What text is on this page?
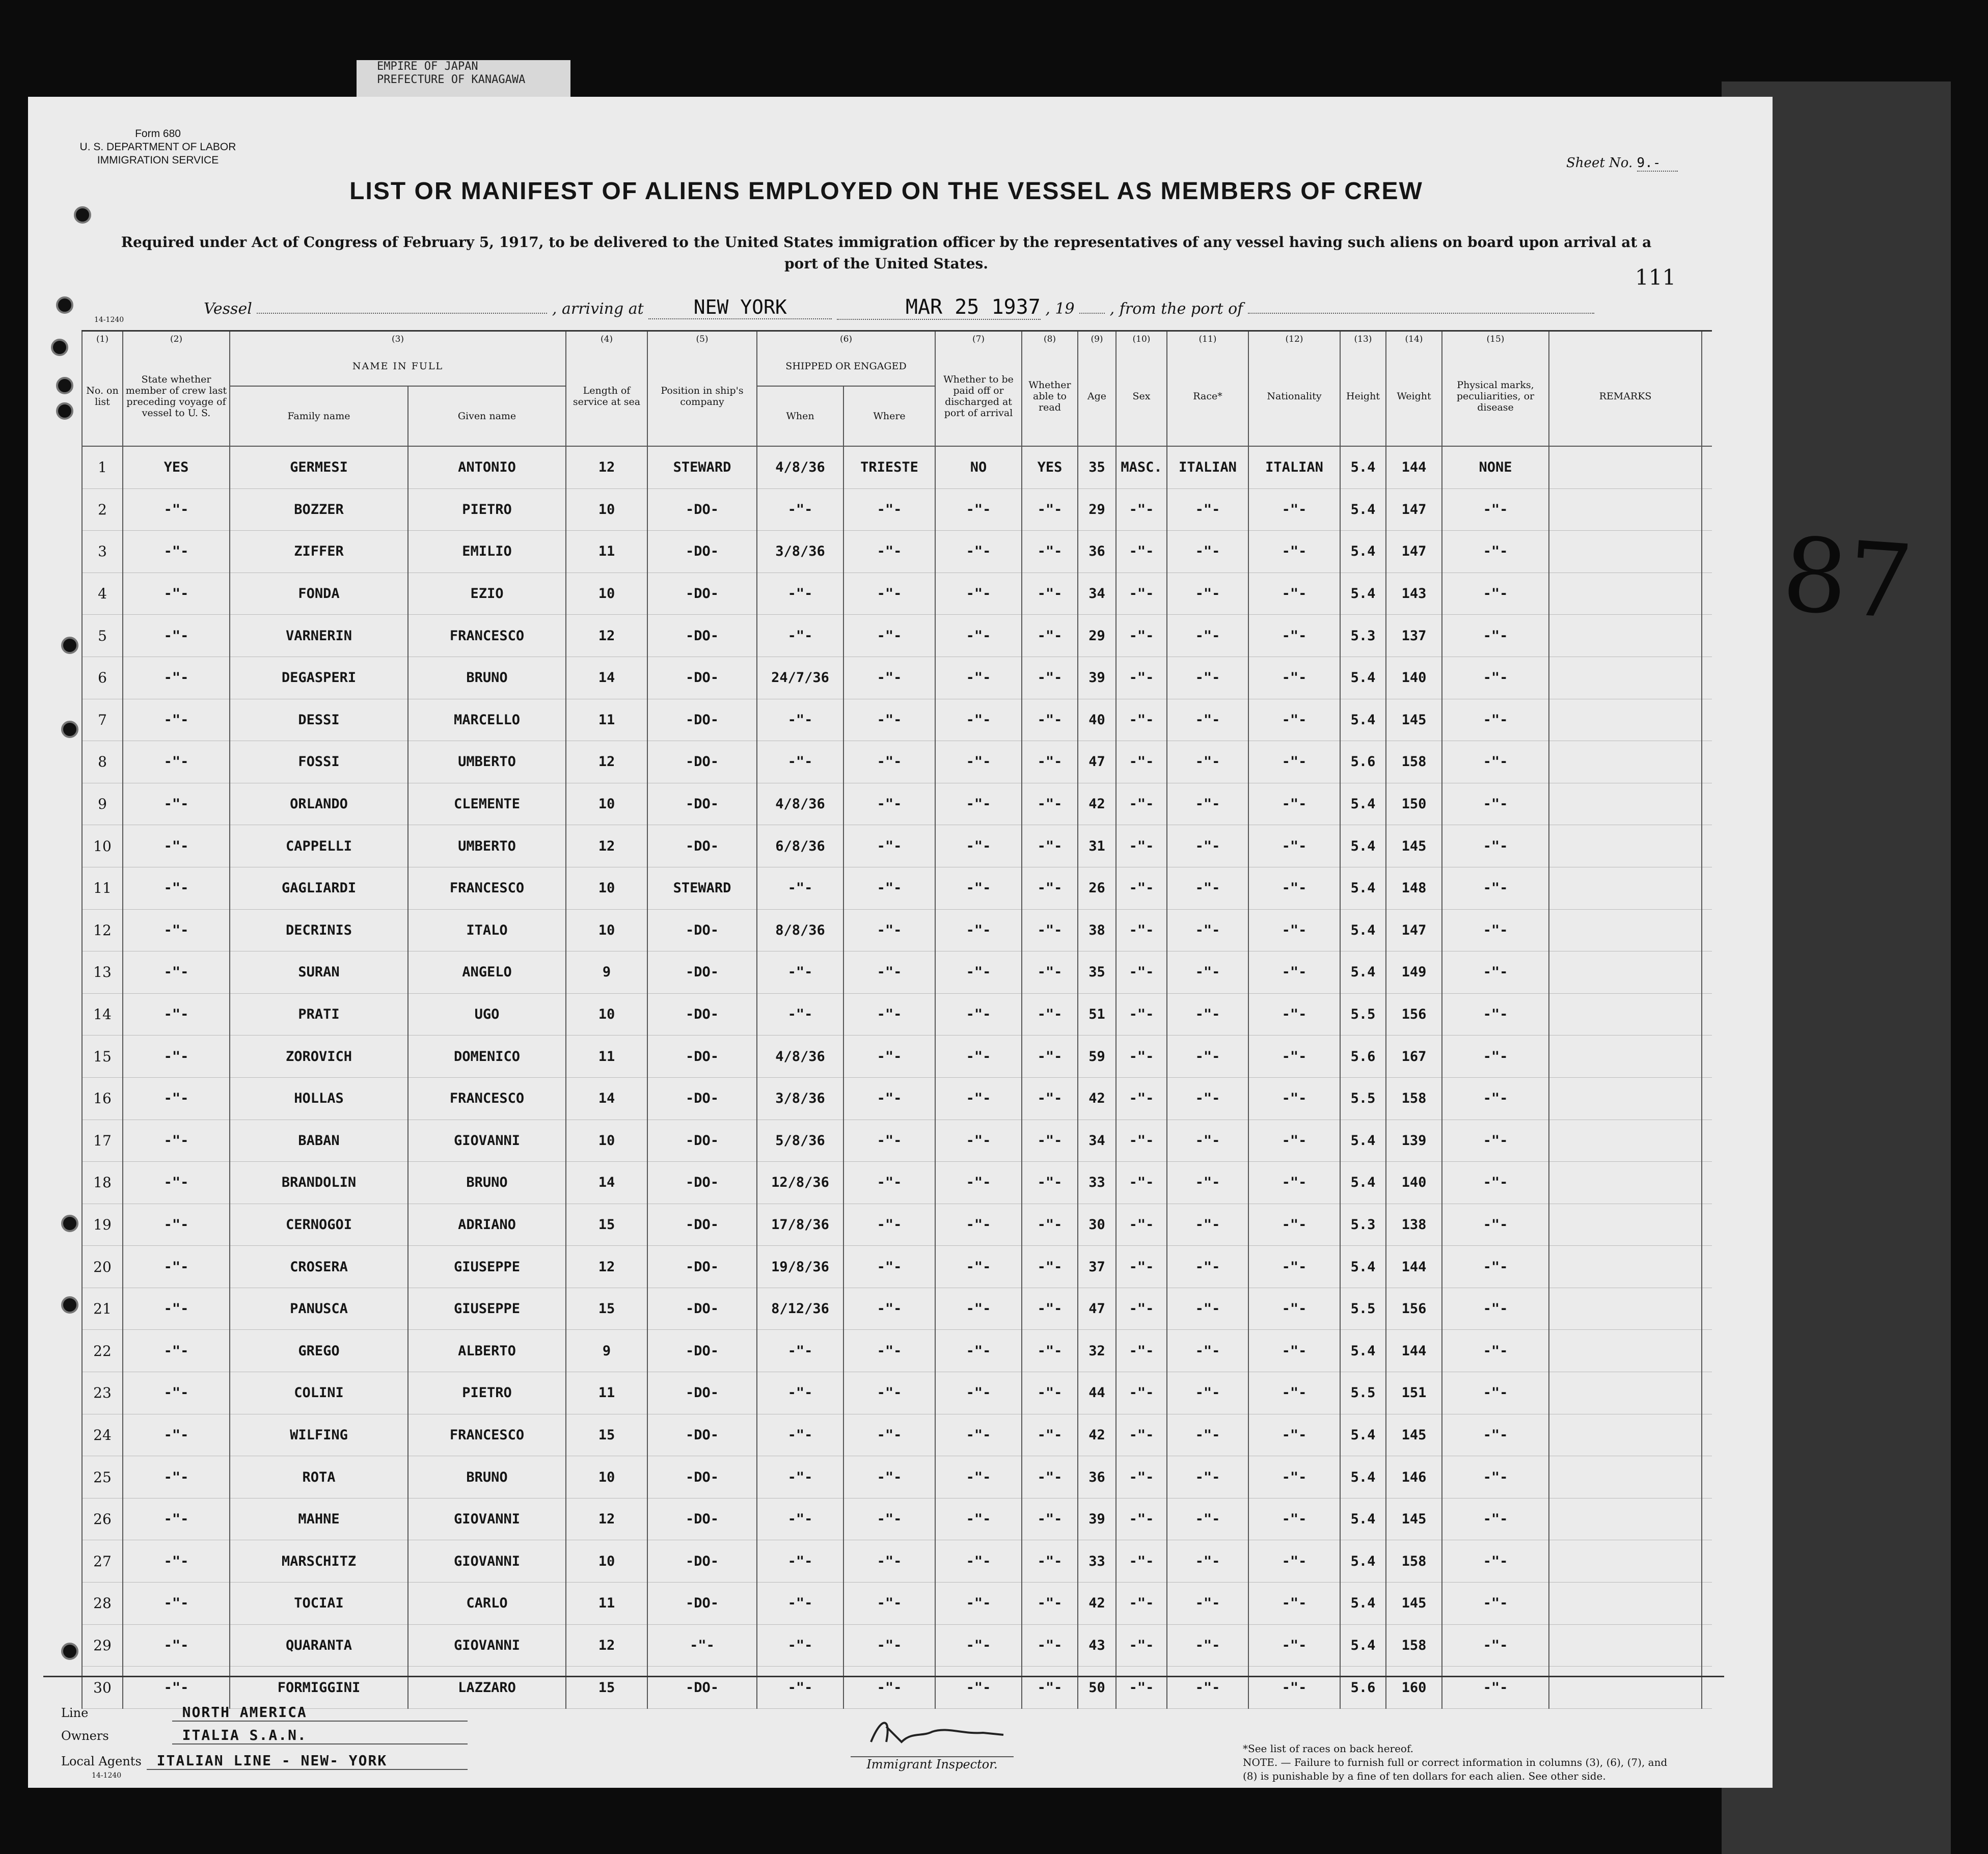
EMPIRE OF JAPAN
PREFECTURE OF KANAGAWA
Form 680
U. S. DEPARTMENT OF LABOR
IMMIGRATION SERVICE	Sheet No. 9.-
LIST OR MANIFEST OF ALIENS EMPLOYED ON THE VESSEL AS MEMBERS OF CREW
Required under Act of Congress of February 5, 1917, to be delivered to the United States immigration officer by the representatives of any vessel having such aliens on board upon arrival at a port of the United States.
111
Vessel	, arriving at	NEW YORK	MAR 25 1937 , 19 , from the port of
14-1240
(1)	(2)	(3)		(4)	(5)	(6)		(7)	(8)	(9)	(10)	(11)	(12)	(13)	(14)	(15)		
No. on list	State whether member of crew last preceding voyage of vessel to U. S.	NAME IN FULL		Length of service at sea	Position in ship's company	SHIPPED OR ENGAGED		Whether to be paid off or discharged at port of arrival	Whether able to read	Age	Sex	Race*	Nationality	Height	Weight	Physical marks, peculiarities, or disease	REMARKS	
		Family name	Given name			When	Where											
1	YES	GERMESI	ANTONIO	12	STEWARD	4/8/36	TRIESTE	NO	YES	35	MASC.	ITALIAN	ITALIAN	5.4	144	NONE		
2	-"-	BOZZER	PIETRO	10	-DO-	-"-	-"-	-"-	-"-	29	-"-	-"-	-"-	5.4	147	-"-		
3	-"-	ZIFFER	EMILIO	11	-DO-	3/8/36	-"-	-"-	-"-	36	-"-	-"-	-"-	5.4	147	-"-		
4	-"-	FONDA	EZIO	10	-DO-	-"-	-"-	-"-	-"-	34	-"-	-"-	-"-	5.4	143	-"-		
5	-"-	VARNERIN	FRANCESCO	12	-DO-	-"-	-"-	-"-	-"-	29	-"-	-"-	-"-	5.3	137	-"-		
6	-"-	DEGASPERI	BRUNO	14	-DO-	24/7/36	-"-	-"-	-"-	39	-"-	-"-	-"-	5.4	140	-"-		
7	-"-	DESSI	MARCELLO	11	-DO-	-"-	-"-	-"-	-"-	40	-"-	-"-	-"-	5.4	145	-"-		
8	-"-	FOSSI	UMBERTO	12	-DO-	-"-	-"-	-"-	-"-	47	-"-	-"-	-"-	5.6	158	-"-		
9	-"-	ORLANDO	CLEMENTE	10	-DO-	4/8/36	-"-	-"-	-"-	42	-"-	-"-	-"-	5.4	150	-"-		
10	-"-	CAPPELLI	UMBERTO	12	-DO-	6/8/36	-"-	-"-	-"-	31	-"-	-"-	-"-	5.4	145	-"-		
11	-"-	GAGLIARDI	FRANCESCO	10	STEWARD	-"-	-"-	-"-	-"-	26	-"-	-"-	-"-	5.4	148	-"-		
12	-"-	DECRINIS	ITALO	10	-DO-	8/8/36	-"-	-"-	-"-	38	-"-	-"-	-"-	5.4	147	-"-		
13	-"-	SURAN	ANGELO	9	-DO-	-"-	-"-	-"-	-"-	35	-"-	-"-	-"-	5.4	149	-"-		
14	-"-	PRATI	UGO	10	-DO-	-"-	-"-	-"-	-"-	51	-"-	-"-	-"-	5.5	156	-"-		
15	-"-	ZOROVICH	DOMENICO	11	-DO-	4/8/36	-"-	-"-	-"-	59	-"-	-"-	-"-	5.6	167	-"-		
16	-"-	HOLLAS	FRANCESCO	14	-DO-	3/8/36	-"-	-"-	-"-	42	-"-	-"-	-"-	5.5	158	-"-		
17	-"-	BABAN	GIOVANNI	10	-DO-	5/8/36	-"-	-"-	-"-	34	-"-	-"-	-"-	5.4	139	-"-		
18	-"-	BRANDOLIN	BRUNO	14	-DO-	12/8/36	-"-	-"-	-"-	33	-"-	-"-	-"-	5.4	140	-"-		
19	-"-	CERNOGOI	ADRIANO	15	-DO-	17/8/36	-"-	-"-	-"-	30	-"-	-"-	-"-	5.3	138	-"-		
20	-"-	CROSERA	GIUSEPPE	12	-DO-	19/8/36	-"-	-"-	-"-	37	-"-	-"-	-"-	5.4	144	-"-		
21	-"-	PANUSCA	GIUSEPPE	15	-DO-	8/12/36	-"-	-"-	-"-	47	-"-	-"-	-"-	5.5	156	-"-		
22	-"-	GREGO	ALBERTO	9	-DO-	-"-	-"-	-"-	-"-	32	-"-	-"-	-"-	5.4	144	-"-		
23	-"-	COLINI	PIETRO	11	-DO-	-"-	-"-	-"-	-"-	44	-"-	-"-	-"-	5.5	151	-"-		
24	-"-	WILFING	FRANCESCO	15	-DO-	-"-	-"-	-"-	-"-	42	-"-	-"-	-"-	5.4	145	-"-		
25	-"-	ROTA	BRUNO	10	-DO-	-"-	-"-	-"-	-"-	36	-"-	-"-	-"-	5.4	146	-"-		
26	-"-	MAHNE	GIOVANNI	12	-DO-	-"-	-"-	-"-	-"-	39	-"-	-"-	-"-	5.4	145	-"-		
27	-"-	MARSCHITZ	GIOVANNI	10	-DO-	-"-	-"-	-"-	-"-	33	-"-	-"-	-"-	5.4	158	-"-		
28	-"-	TOCIAI	CARLO	11	-DO-	-"-	-"-	-"-	-"-	42	-"-	-"-	-"-	5.4	145	-"-		
29	-"-	QUARANTA	GIOVANNI	12	-"-	-"-	-"-	-"-	-"-	43	-"-	-"-	-"-	5.4	158	-"-		
30	-"-	FORMIGGINI	LAZZARO	15	-DO-	-"-	-"-	-"-	-"-	50	-"-	-"-	-"-	5.6	160	-"-		
87
Line	NORTH AMERICA
Owners	ITALIA S.A.N.
Local Agents ITALIAN LINE - NEW- YORK
14-1240
Immigrant Inspector.
*See list of races on back hereof.
NOTE. — Failure to furnish full or correct information in columns (3), (6), (7), and (8) is punishable by a fine of ten dollars for each alien. See other side.
